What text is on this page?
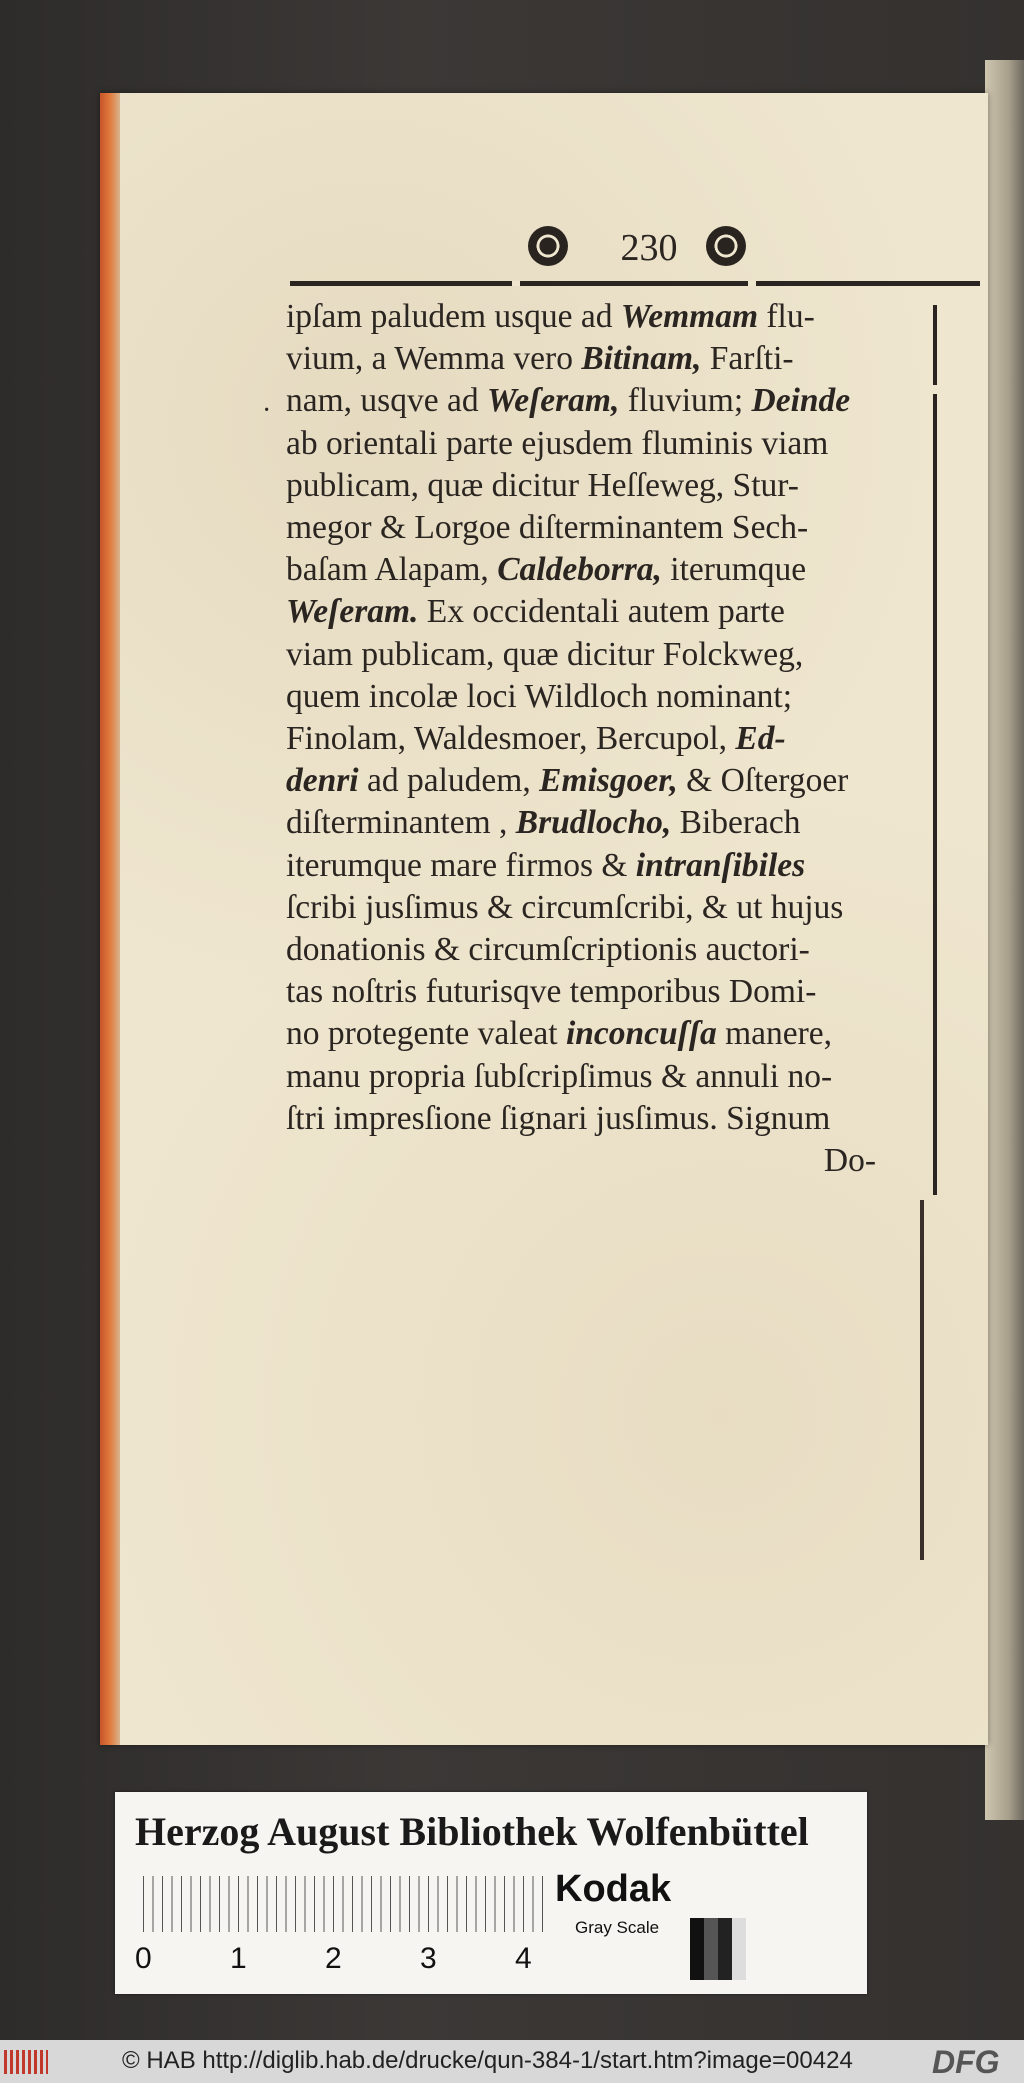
230
·
ipſam paludem usque ad Wemmam flu-
vium, a Wemma vero Bitinam, Farſti-
nam, usqve ad Weſeram, fluvium; Deinde
ab orientali parte ejusdem fluminis viam
publicam, quæ dicitur Heſſeweg, Stur-
megor & Lorgoe diſterminantem Sech-
baſam Alapam, Caldeborra, iterumque
Weſeram. Ex occidentali autem parte
viam publicam, quæ dicitur Folckweg,
quem incolæ loci Wildloch nominant;
Finolam, Waldesmoer, Bercupol, Ed-
denri ad paludem, Emisgoer, & Oſtergoer
diſterminantem , Brudlocho, Biberach
iterumque mare firmos & intranſibiles
ſcribi jusſimus & circumſcribi, & ut hujus
donationis & circumſcriptionis auctori-
tas noſtris futurisqve temporibus Domi-
no protegente valeat inconcuſſa manere,
manu propria ſubſcripſimus & annuli no-
ſtri impresſione ſignari jusſimus. Signum
Do-
Herzog August Bibliothek Wolfenbüttel
0	1	2	3	4
Kodak
Gray Scale
© HAB http://diglib.hab.de/drucke/qun-384-1/start.htm?image=00424 DFG
